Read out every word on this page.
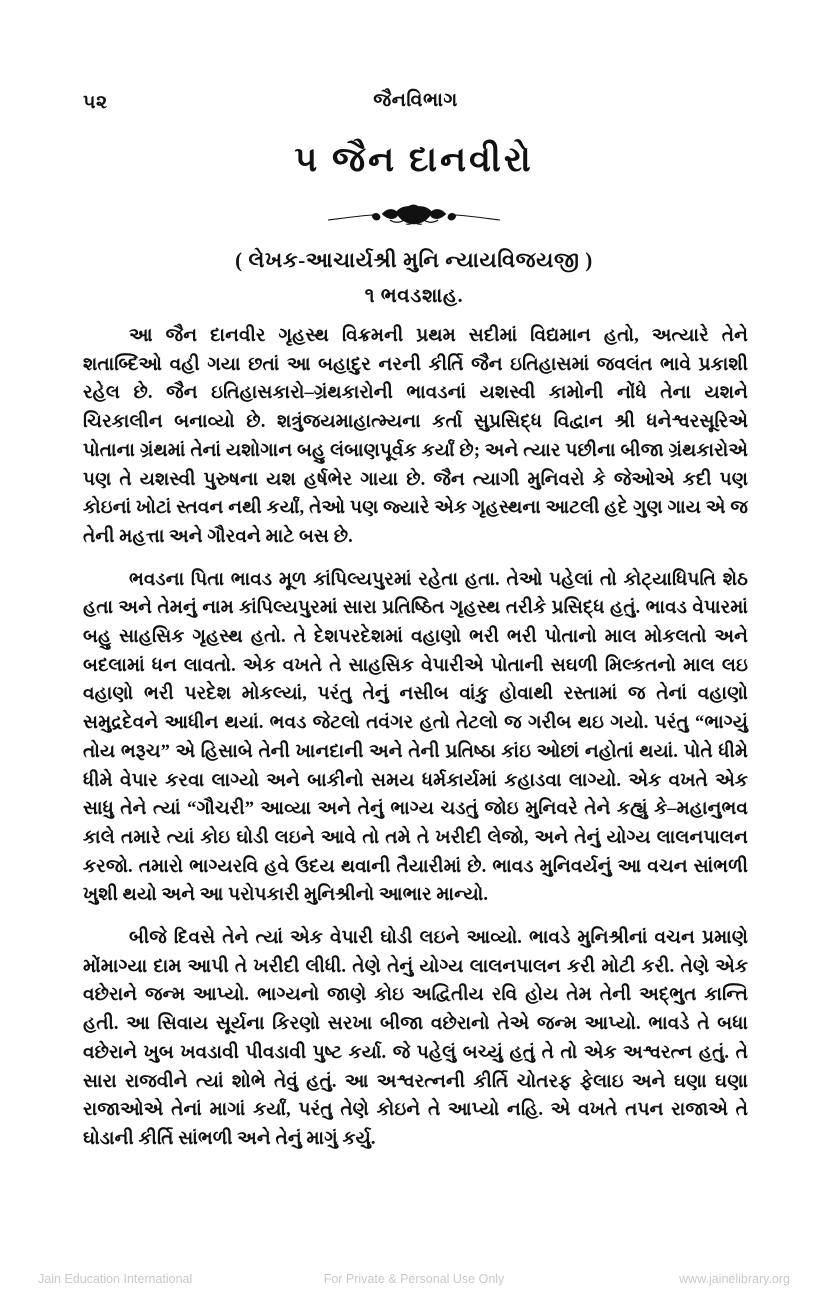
૫૨	જૈનવિભાગ
૫ જૈન દાનવીરો
( લેખક-આચાર્યશ્રી મુનિ ન્યાયવિજયજી )
૧ ભવડશાહ.

આ જૈન દાનવીર ગૃહસ્થ વિક્રમની પ્રથમ સદીમાં વિદ્યમાન હતો, અત્યારે તેને શતાબ્દિઓ વહી ગયા છતાં આ બહાદુર નરની કીર્તિ જૈન ઇતિહાસમાં જવલંત ભાવે પ્રકાશી રહેલ છે. જૈન ઇતિહાસકારો–ગ્રંથકારોની ભાવડનાં યશસ્વી કામોની નોંધે તેના યશને ચિરકાલીન બનાવ્યો છે. શત્રુંજયમાહાત્મ્યના કર્તા સુપ્રસિદ્ધ વિદ્વાન શ્રી ધનેશ્વરસૂરિએ પોતાના ગ્રંથમાં તેનાં યશોગાન બહુ લંબાણપૂર્વક કર્યાં છે; અને ત્યાર પછીના બીજા ગ્રંથકારોએ પણ તે યશસ્વી પુરુષના યશ હર્ષભેર ગાયા છે. જૈન ત્યાગી મુનિવરો કે જેઓએ કદી પણ કોઇનાં ખોટાં સ્તવન નથી કર્યાં, તેઓ પણ જ્યારે એક ગૃહસ્થના આટલી હદે ગુણ ગાય એ જ તેની મહત્તા અને ગૌરવને માટે બસ છે.

ભવડના પિતા ભાવડ મૂળ કાંપિલ્યપુરમાં રહેતા હતા. તેઓ પહેલાં તો કોટ્યાધિપતિ શેઠ હતા અને તેમનું નામ કાંપિલ્યપુરમાં સારા પ્રતિષ્ઠિત ગૃહસ્થ તરીકે પ્રસિદ્ધ હતું. ભાવડ વેપારમાં બહુ સાહસિક ગૃહસ્થ હતો. તે દેશપરદેશમાં વહાણો ભરી ભરી પોતાનો માલ મોકલતો અને બદલામાં ધન લાવતો. એક વખતે તે સાહસિક વેપારીએ પોતાની સઘળી મિલ્કતનો માલ લઇ વહાણો ભરી પરદેશ મોકલ્યાં, પરંતુ તેનું નસીબ વાંકુ હોવાથી રસ્તામાં જ તેનાં વહાણો સમુદ્રદેવને આધીન થયાં. ભવડ જેટલો તવંગર હતો તેટલો જ ગરીબ થઇ ગયો. પરંતુ “ભાગ્યું તોય ભરૂચ” એ હિસાબે તેની ખાનદાની અને તેની પ્રતિષ્ઠા કાંઇ ઓછાં નહોતાં થયાં. પોતે ધીમે ધીમે વેપાર કરવા લાગ્યો અને બાકીનો સમય ધર્મકાર્યમાં કહાડવા લાગ્યો. એક વખતે એક સાધુ તેને ત્યાં “ગૌચરી” આવ્યા અને તેનું ભાગ્ય ચડતું જોઇ મુનિવરે તેને કહ્યું કે–મહાનુભવ કાલે તમારે ત્યાં કોઇ ઘોડી લઇને આવે તો તમે તે ખરીદી લેજો, અને તેનું યોગ્ય લાલનપાલન કરજો. તમારો ભાગ્યરવિ હવે ઉદય થવાની તૈયારીમાં છે. ભાવડ મુનિવર્યનું આ વચન સાંભળી ખુશી થયો અને આ પરોપકારી મુનિશ્રીનો આભાર માન્યો.

બીજે દિવસે તેને ત્યાં એક વેપારી ઘોડી લઇને આવ્યો. ભાવડે મુનિશ્રીનાં વચન પ્રમાણે મોંમાગ્યા દામ આપી તે ખરીદી લીધી. તેણે તેનું યોગ્ય લાલનપાલન કરી મોટી કરી. તેણે એક વછેરાને જન્મ આપ્યો. ભાગ્યનો જાણે કોઇ અદ્વિતીય રવિ હોય તેમ તેની અદ્ભુત કાન્તિ હતી. આ સિવાય સૂર્યના કિરણો સરખા બીજા વછેરાનો તેએ જન્મ આપ્યો. ભાવડે તે બધા વછેરાને ખુબ ખવડાવી પીવડાવી પુષ્ટ કર્યા. જે પહેલું બચ્યું હતું તે તો એક અશ્વરત્ન હતું. તે સારા રાજવીને ત્યાં શોભે તેવું હતું. આ અશ્વરત્નની કીર્તિ ચોતરફ ફેલાઇ અને ઘણા ઘણા રાજાઓએ તેનાં માગાં કર્યાં, પરંતુ તેણે કોઇને તે આપ્યો નહિ. એ વખતે તપન રાજાએ તે ઘોડાની કીર્તિ સાંભળી અને તેનું માગું કર્યુ.

Jain Education International	For Private & Personal Use Only	www.jainelibrary.org
